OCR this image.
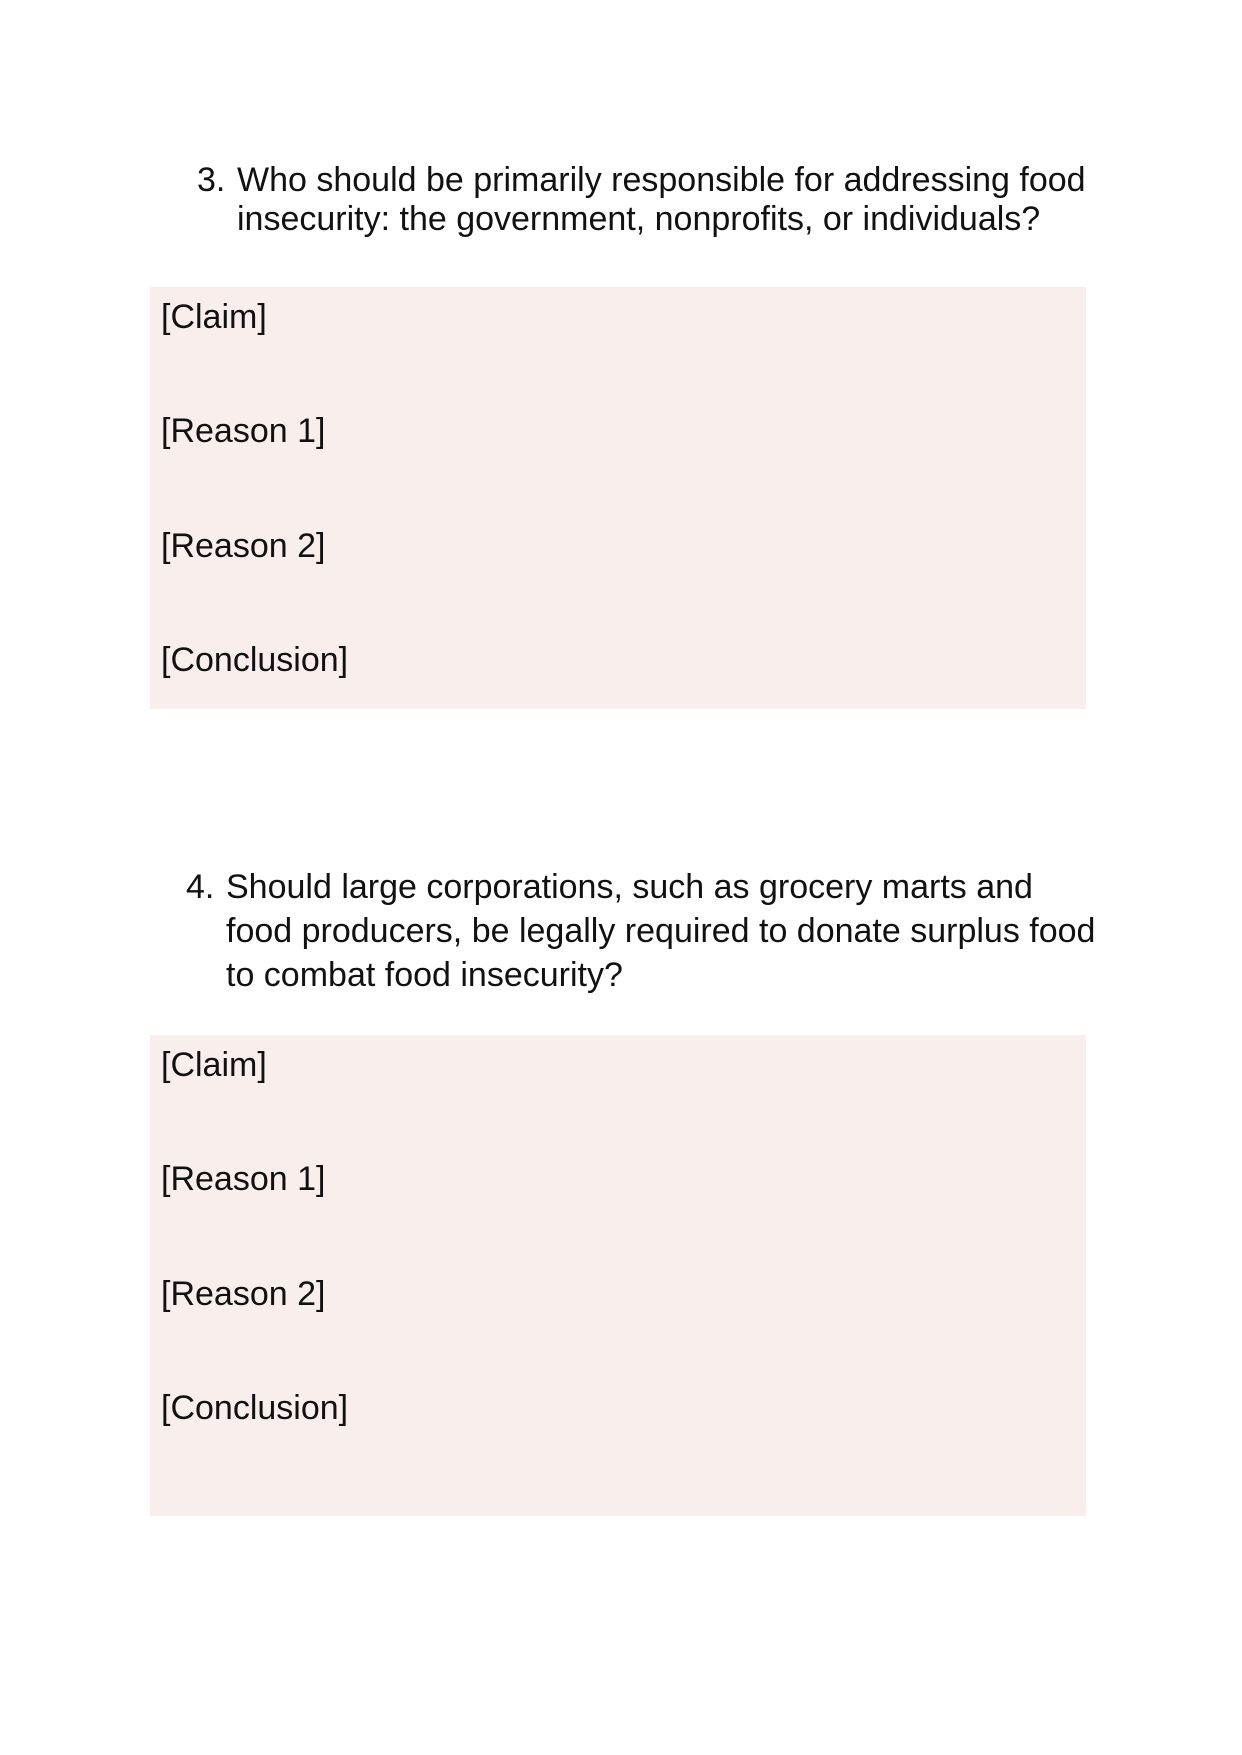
3. Who should be primarily responsible for addressing food insecurity: the government, nonprofits, or individuals?
[Claim]
[Reason 1]
[Reason 2]
[Conclusion]
4. Should large corporations, such as grocery marts and food producers, be legally required to donate surplus food to combat food insecurity?
[Claim]
[Reason 1]
[Reason 2]
[Conclusion]
